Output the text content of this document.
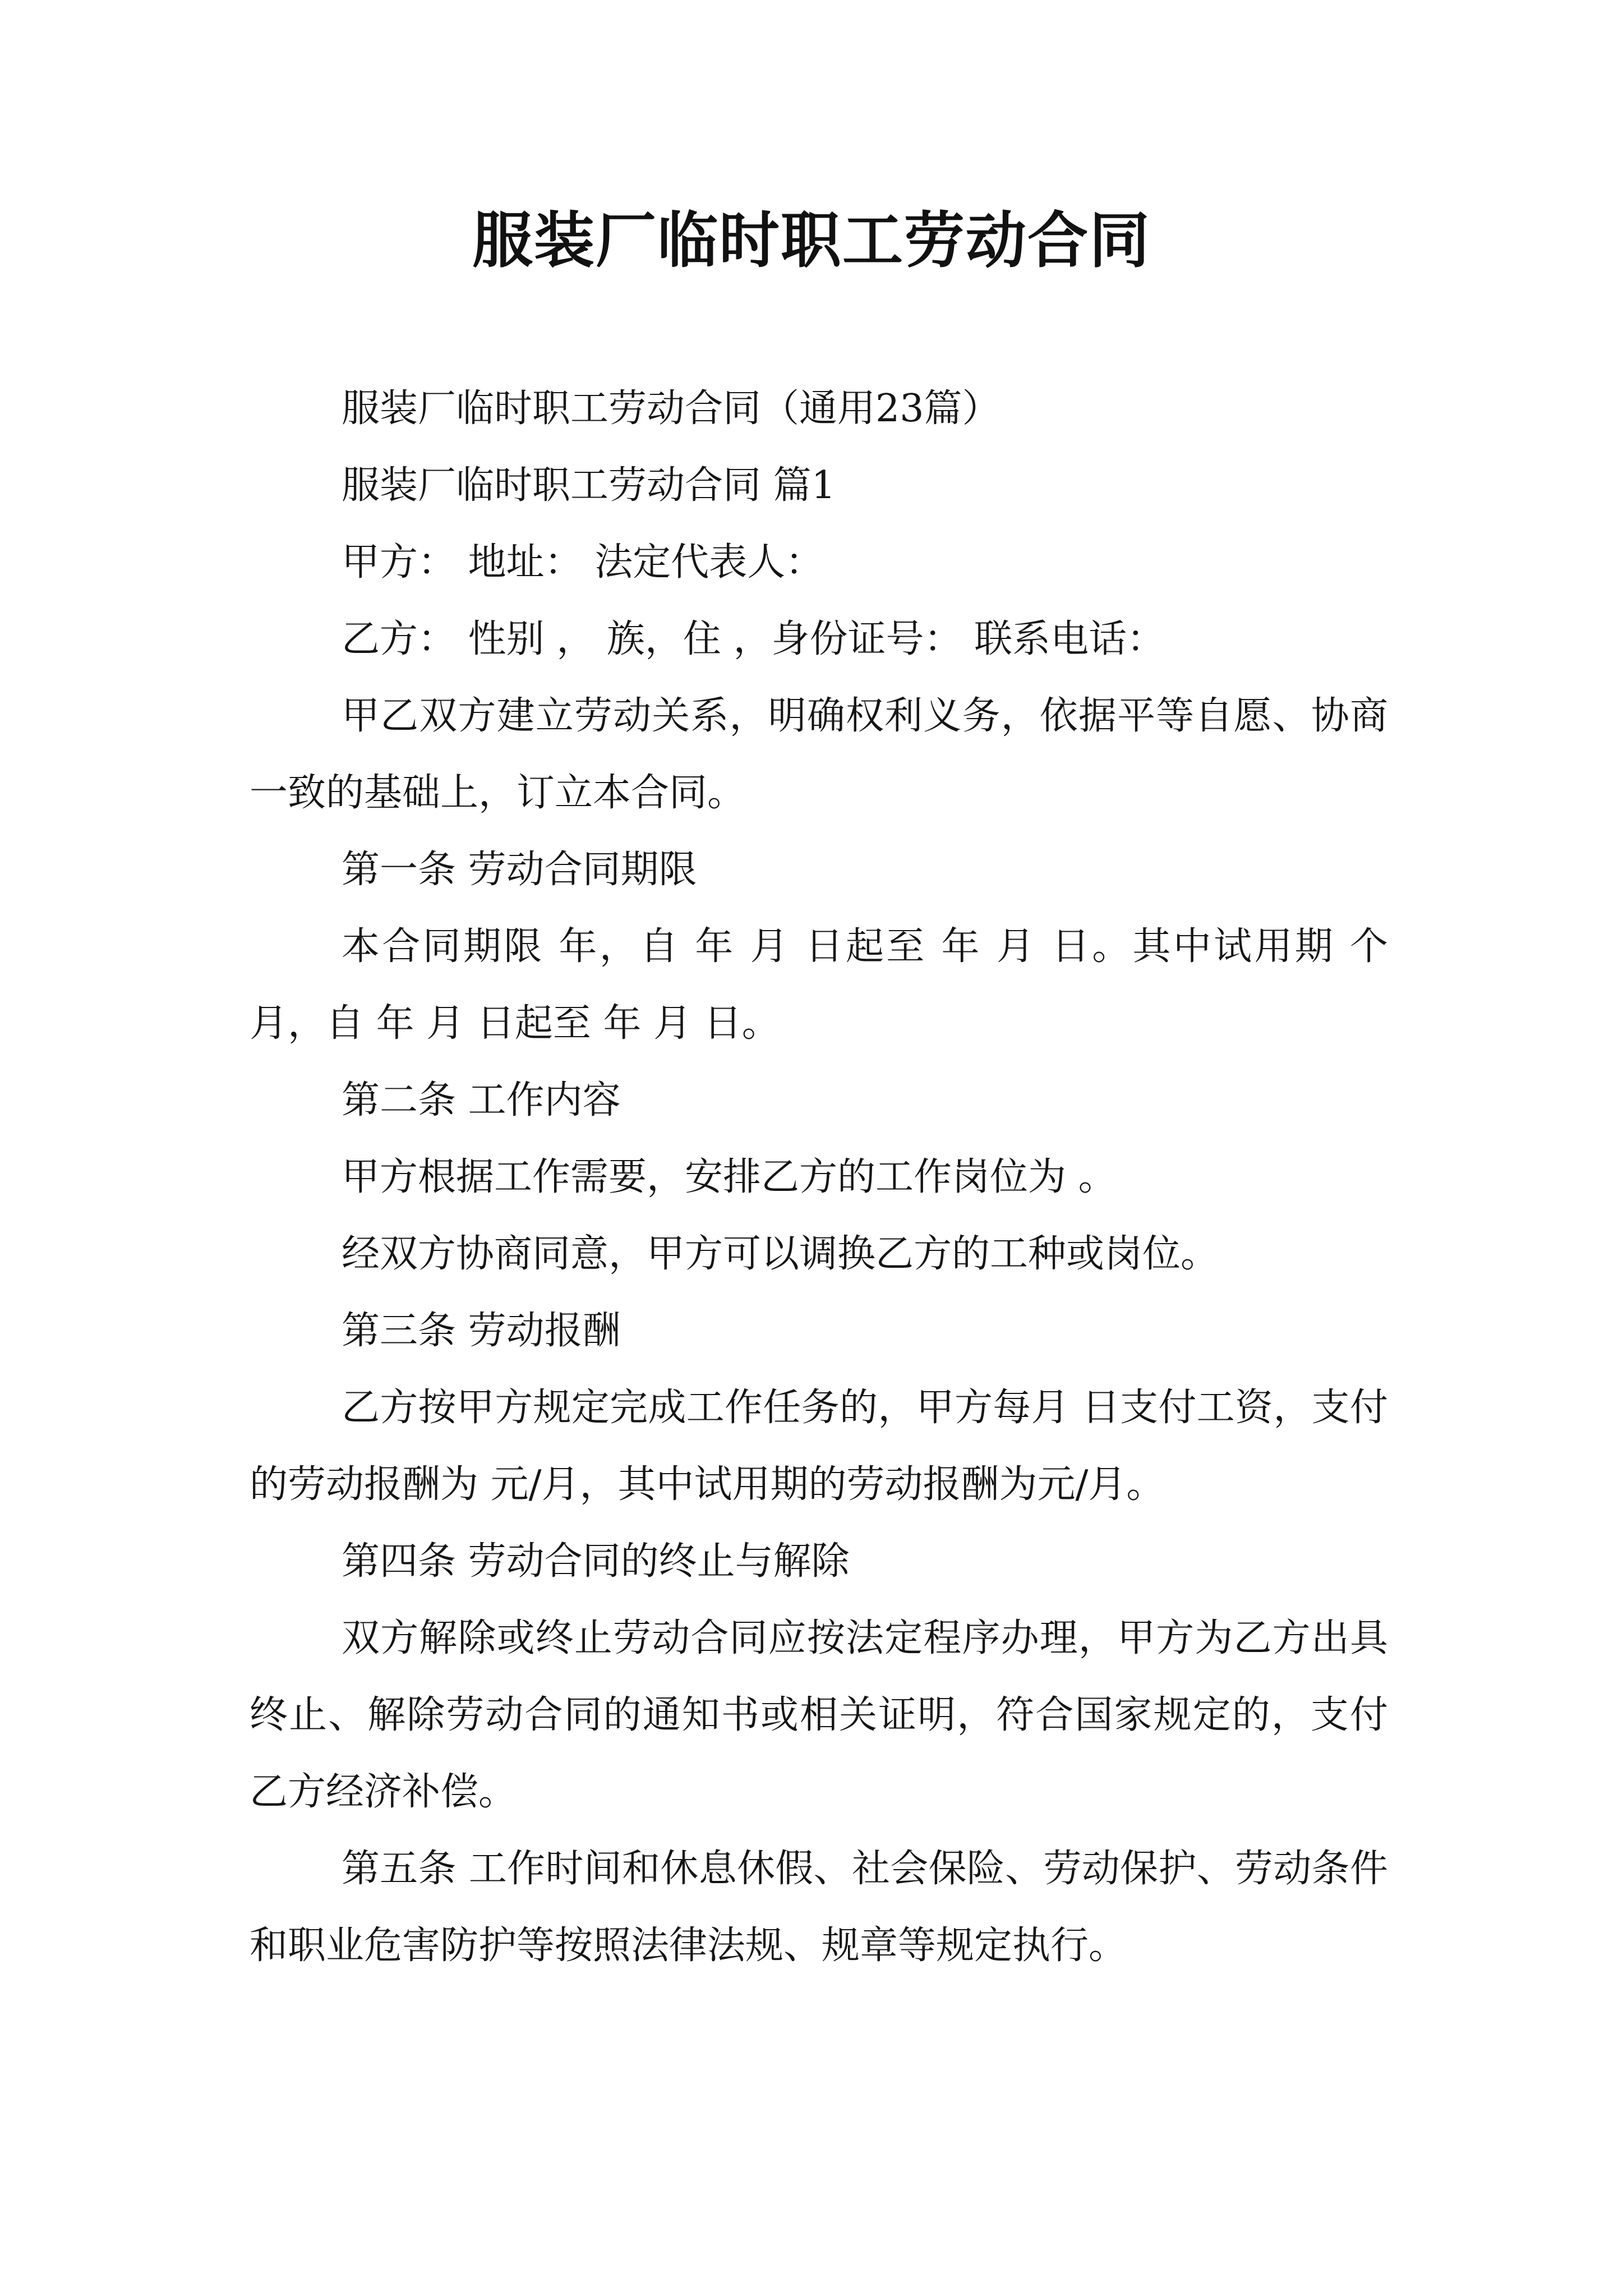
服装厂临时职工劳动合同

服装厂临时职工劳动合同（通用23篇）

服装厂临时职工劳动合同 篇1

甲方： 地址： 法定代表人：

乙方： 性别 ， 族，住 ，身份证号： 联系电话：

甲乙双方建立劳动关系，明确权利义务，依据平等自愿、协商一致的基础上，订立本合同。

第一条 劳动合同期限

本合同期限 年，自 年 月 日起至 年 月 日。其中试用期 个月，自 年 月 日起至 年 月 日。

第二条 工作内容

甲方根据工作需要，安排乙方的工作岗位为 。

经双方协商同意，甲方可以调换乙方的工种或岗位。

第三条 劳动报酬

乙方按甲方规定完成工作任务的，甲方每月 日支付工资，支付的劳动报酬为 元/月，其中试用期的劳动报酬为元/月。

第四条 劳动合同的终止与解除

双方解除或终止劳动合同应按法定程序办理，甲方为乙方出具终止、解除劳动合同的通知书或相关证明，符合国家规定的，支付乙方经济补偿。

第五条 工作时间和休息休假、社会保险、劳动保护、劳动条件和职业危害防护等按照法律法规、规章等规定执行。
